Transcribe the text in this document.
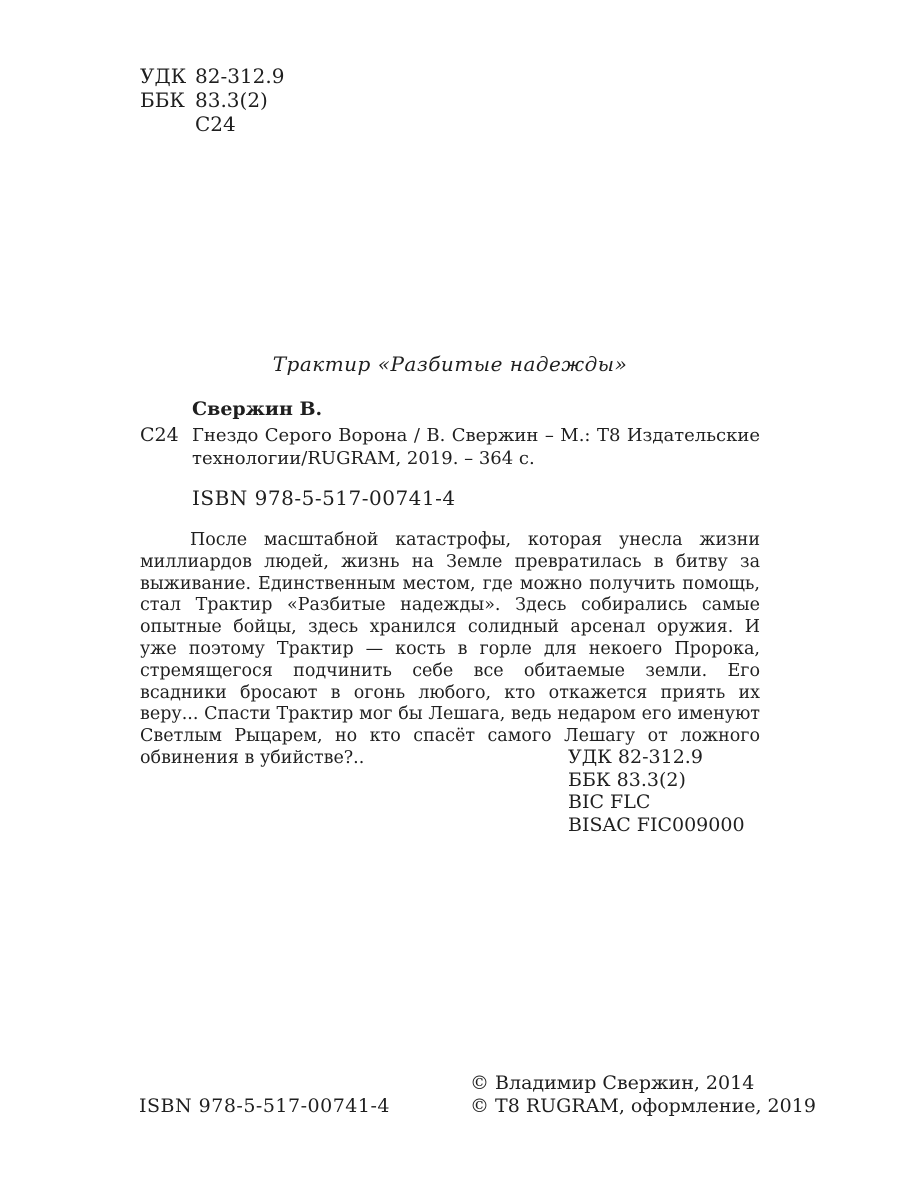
УДК 82-312.9
ББК 83.3(2)
С24
Трактир «Разбитые надежды»
Свержин В.
С24 Гнездо Серого Ворона / В. Свержин – М.: Т8 Издательские технологии/RUGRAM, 2019. – 364 с.
ISBN 978-5-517-00741-4

После масштабной катастрофы, которая унесла жизни миллиардов людей, жизнь на Земле превратилась в битву за выживание. Единственным местом, где можно получить помощь, стал Трактир «Разбитые надежды». Здесь собирались самые опытные бойцы, здесь хранился солидный арсенал оружия. И уже поэтому Трактир — кость в горле для некоего Пророка, стремящегося подчинить себе все обитаемые земли. Его всадники бросают в огонь любого, кто откажется приять их веру... Спасти Трактир мог бы Лешага, ведь недаром его именуют Светлым Рыцарем, но кто спасёт самого Лешагу от ложного обвинения в убийстве?..	УДК 82-312.9
ББК 83.3(2)
BIC FLC
BISAC FIC009000
ISBN 978-5-517-00741-4
© Владимир Свержин, 2014
© Т8 RUGRAM, оформление, 2019
